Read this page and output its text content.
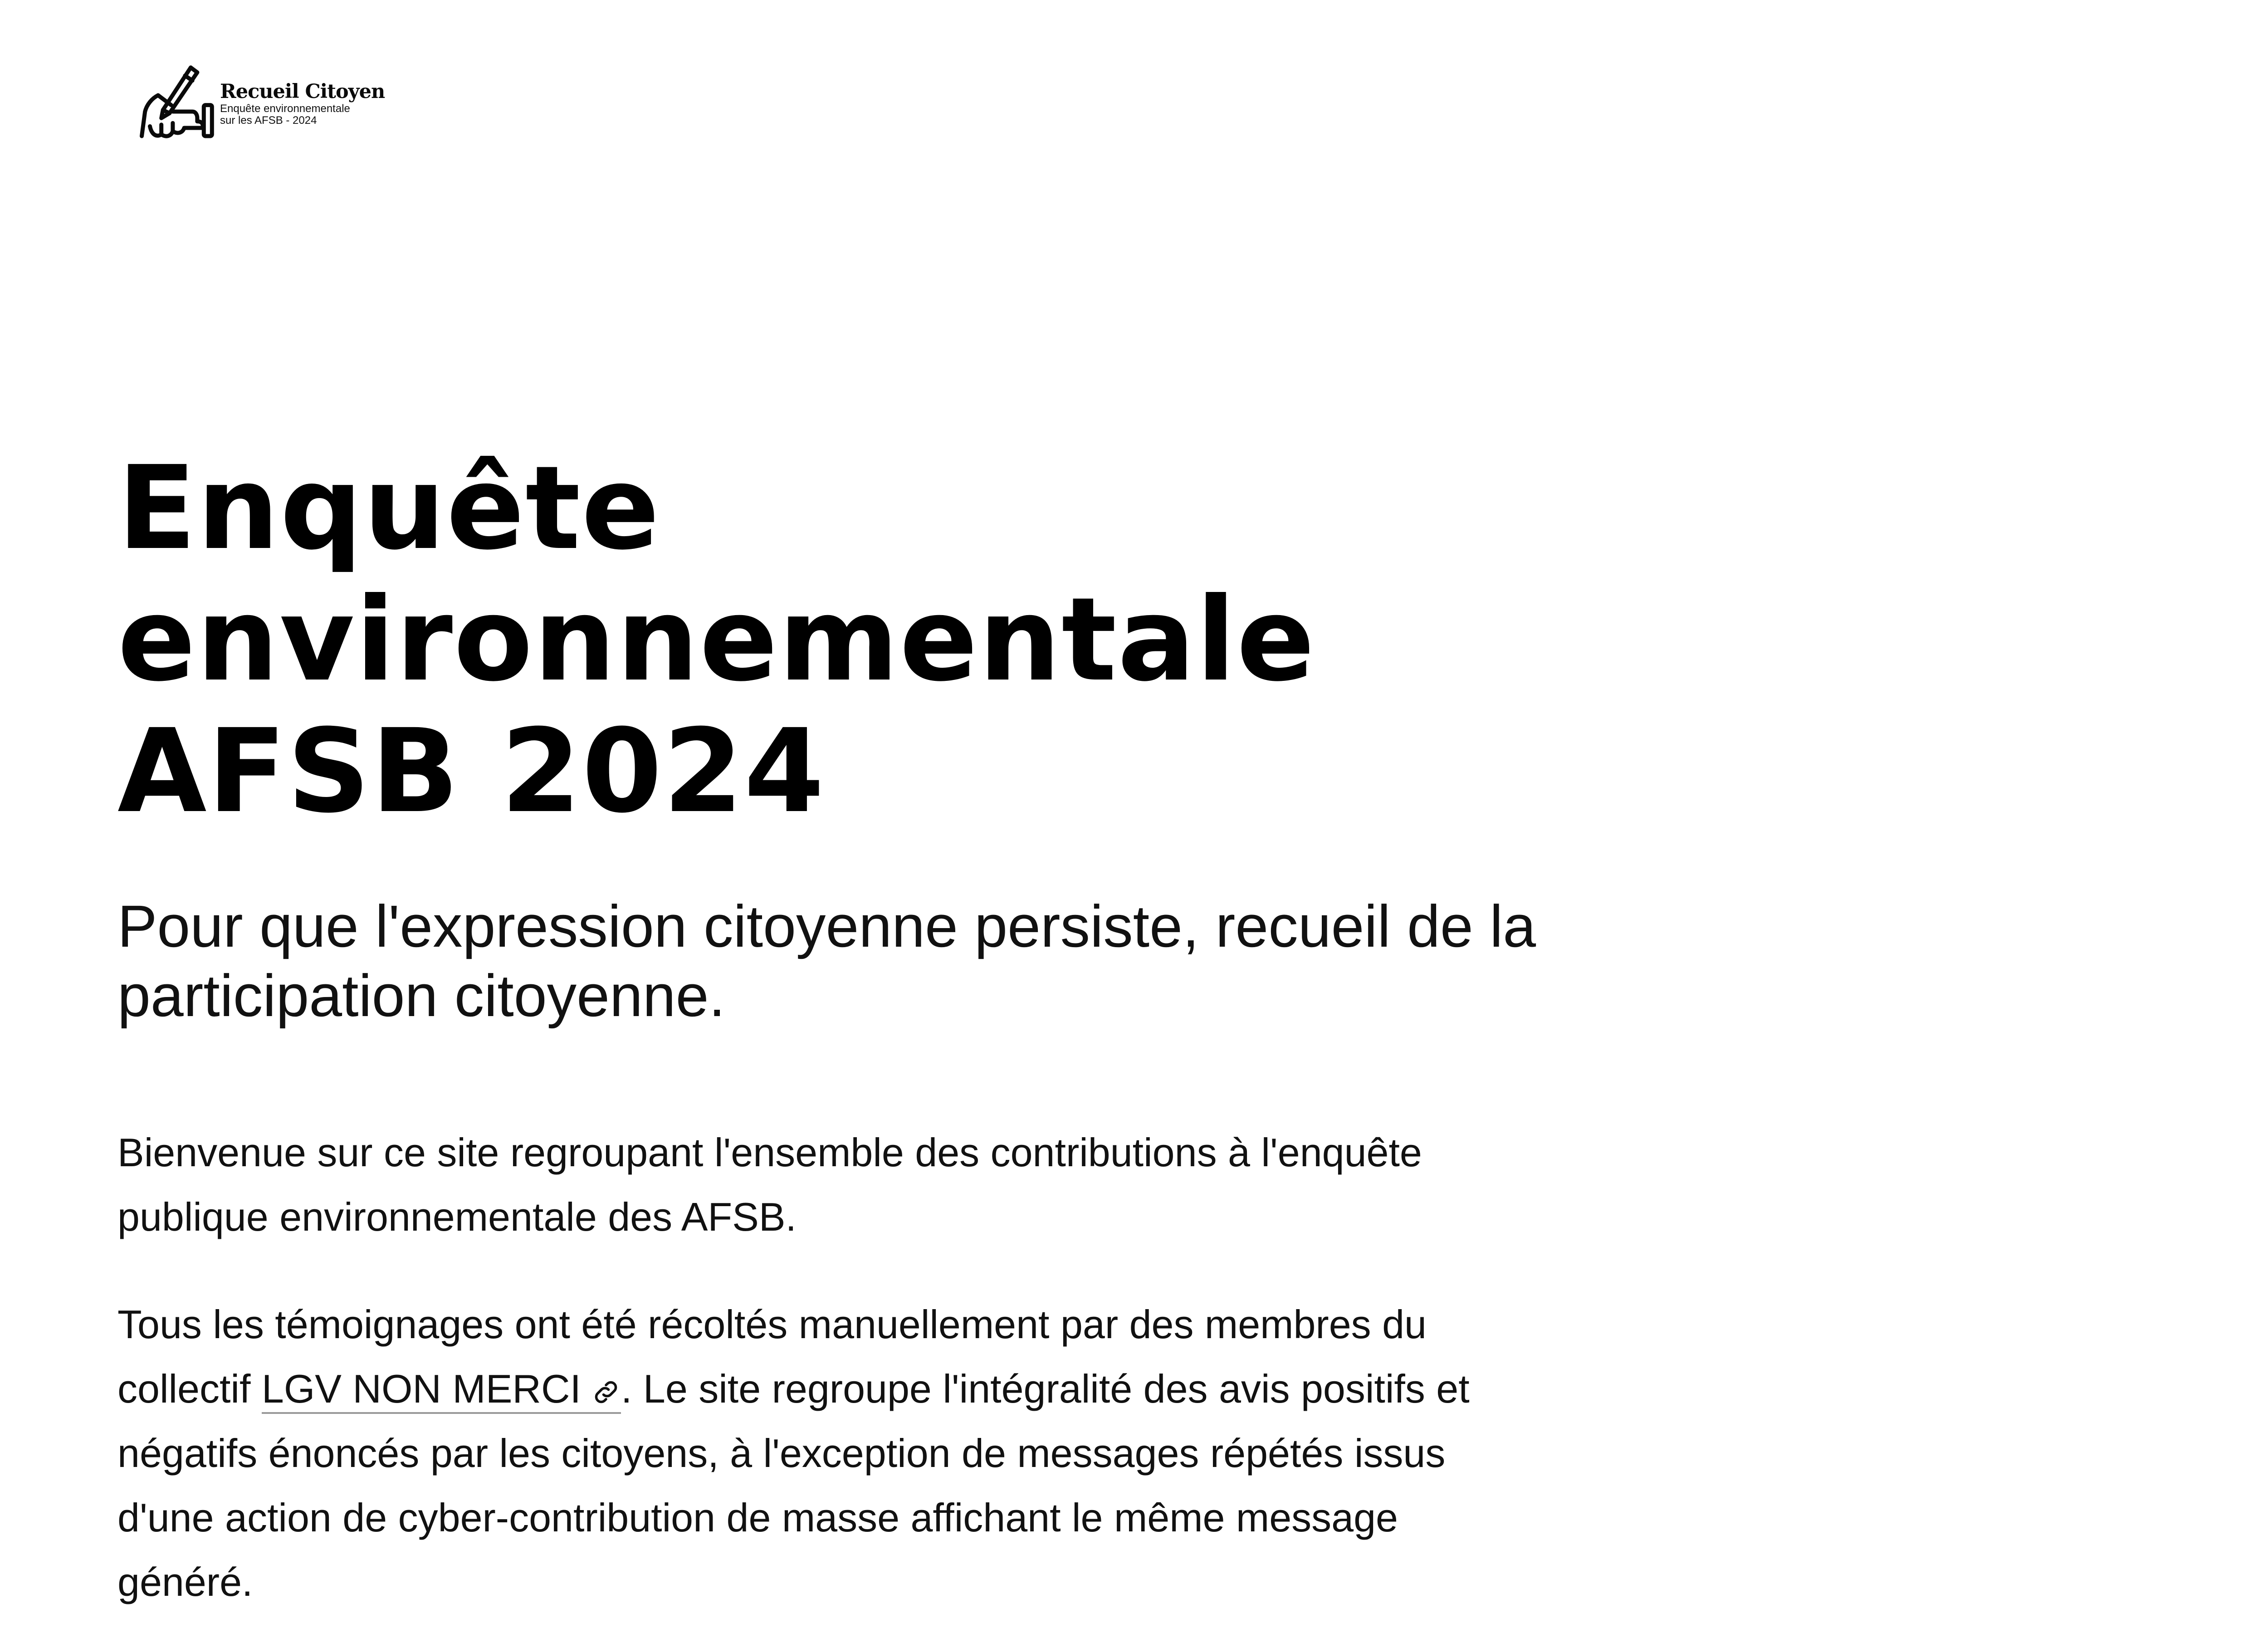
Recueil Citoyen
Enquête environnementale
sur les AFSB - 2024
Enquête environnementale
AFSB 2024

Pour que l'expression citoyenne persiste, recueil de la participation citoyenne.

Bienvenue sur ce site regroupant l'ensemble des contributions à l'enquête publique environnementale des AFSB.

Tous les témoignages ont été récoltés manuellement par des membres du collectif LGV NON MERCI . Le site regroupe l'intégralité des avis positifs et négatifs énoncés par les citoyens, à l'exception de messages répétés issus d'une action de cyber-contribution de masse affichant le même message généré.
